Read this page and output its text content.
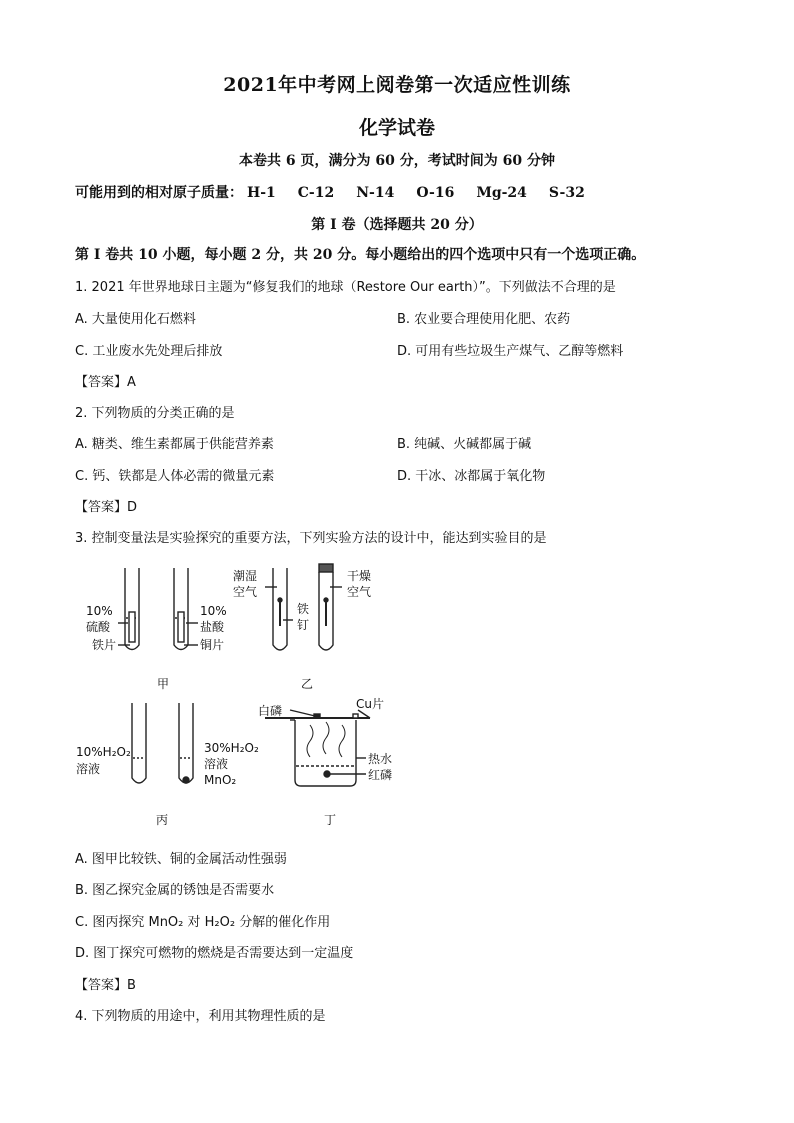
2021年中考网上阅卷第一次适应性训练
化学试卷
本卷共 6 页，满分为 60 分，考试时间为 60 分钟
可能用到的相对原子质量： H-1 C-12 N-14 O-16 Mg-24 S-32
第 I 卷（选择题共 20 分）
第 I 卷共 10 小题，每小题 2 分，共 20 分。每小题给出的四个选项中只有一个选项正确。
1. 2021 年世界地球日主题为“修复我们的地球（Restore Our earth）”。下列做法不合理的是
A. 大量使用化石燃料	B. 农业要合理使用化肥、农药
C. 工业废水先处理后排放	D. 可用有些垃圾生产煤气、乙醇等燃料
【答案】A
2. 下列物质的分类正确的是
A. 糖类、维生素都属于供能营养素	B. 纯碱、火碱都属于碱
C. 钙、铁都是人体必需的微量元素	D. 干冰、冰都属于氧化物
【答案】D
3. 控制变量法是实验探究的重要方法，下列实验方法的设计中，能达到实验目的是
10%
硫酸
铁片
10%
盐酸
铜片
甲
潮湿
空气
铁
钉
干燥
空气
乙
10%H₂O₂
溶液
30%H₂O₂
溶液
MnO₂
丙
白磷	Cu片
热水
红磷
丁
A. 图甲比较铁、铜的金属活动性强弱
B. 图乙探究金属的锈蚀是否需要水
C. 图丙探究 MnO₂ 对 H₂O₂ 分解的催化作用
D. 图丁探究可燃物的燃烧是否需要达到一定温度
【答案】B
4. 下列物质的用途中，利用其物理性质的是
